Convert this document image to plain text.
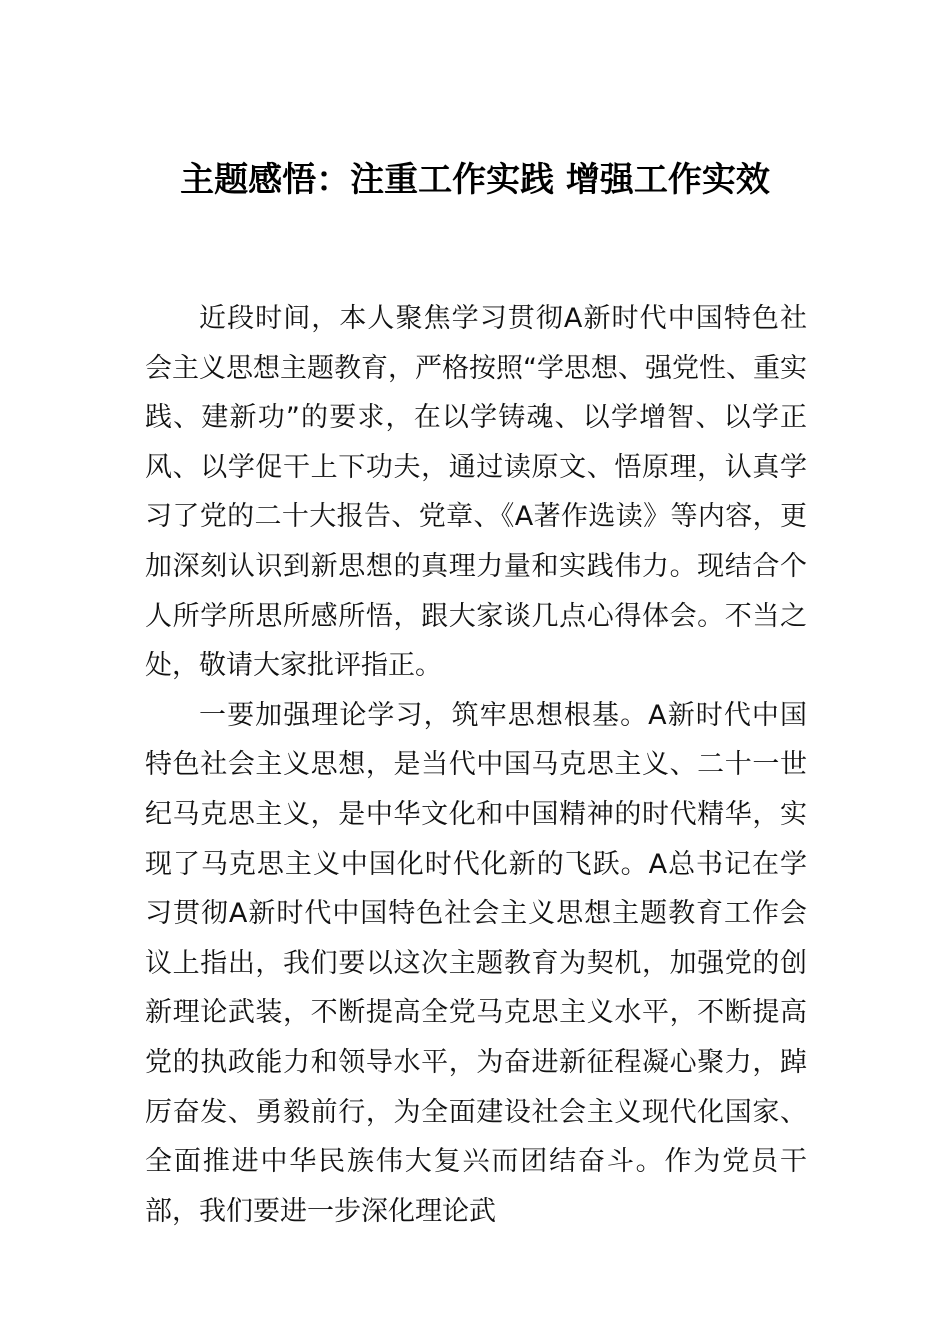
主题感悟：注重工作实践 增强工作实效

近段时间，本人聚焦学习贯彻A新时代中国特色社会主义思想主题教育，严格按照“学思想、强党性、重实践、建新功”的要求，在以学铸魂、以学增智、以学正风、以学促干上下功夫，通过读原文、悟原理，认真学习了党的二十大报告、党章、《A著作选读》等内容，更加深刻认识到新思想的真理力量和实践伟力。现结合个人所学所思所感所悟，跟大家谈几点心得体会。不当之处，敬请大家批评指正。

一要加强理论学习，筑牢思想根基。A新时代中国特色社会主义思想，是当代中国马克思主义、二十一世纪马克思主义，是中华文化和中国精神的时代精华，实现了马克思主义中国化时代化新的飞跃。A总书记在学习贯彻A新时代中国特色社会主义思想主题教育工作会议上指出，我们要以这次主题教育为契机，加强党的创新理论武装，不断提高全党马克思主义水平，不断提高党的执政能力和领导水平，为奋进新征程凝心聚力，踔厉奋发、勇毅前行，为全面建设社会主义现代化国家、全面推进中华民族伟大复兴而团结奋斗。作为党员干部，我们要进一步深化理论武
